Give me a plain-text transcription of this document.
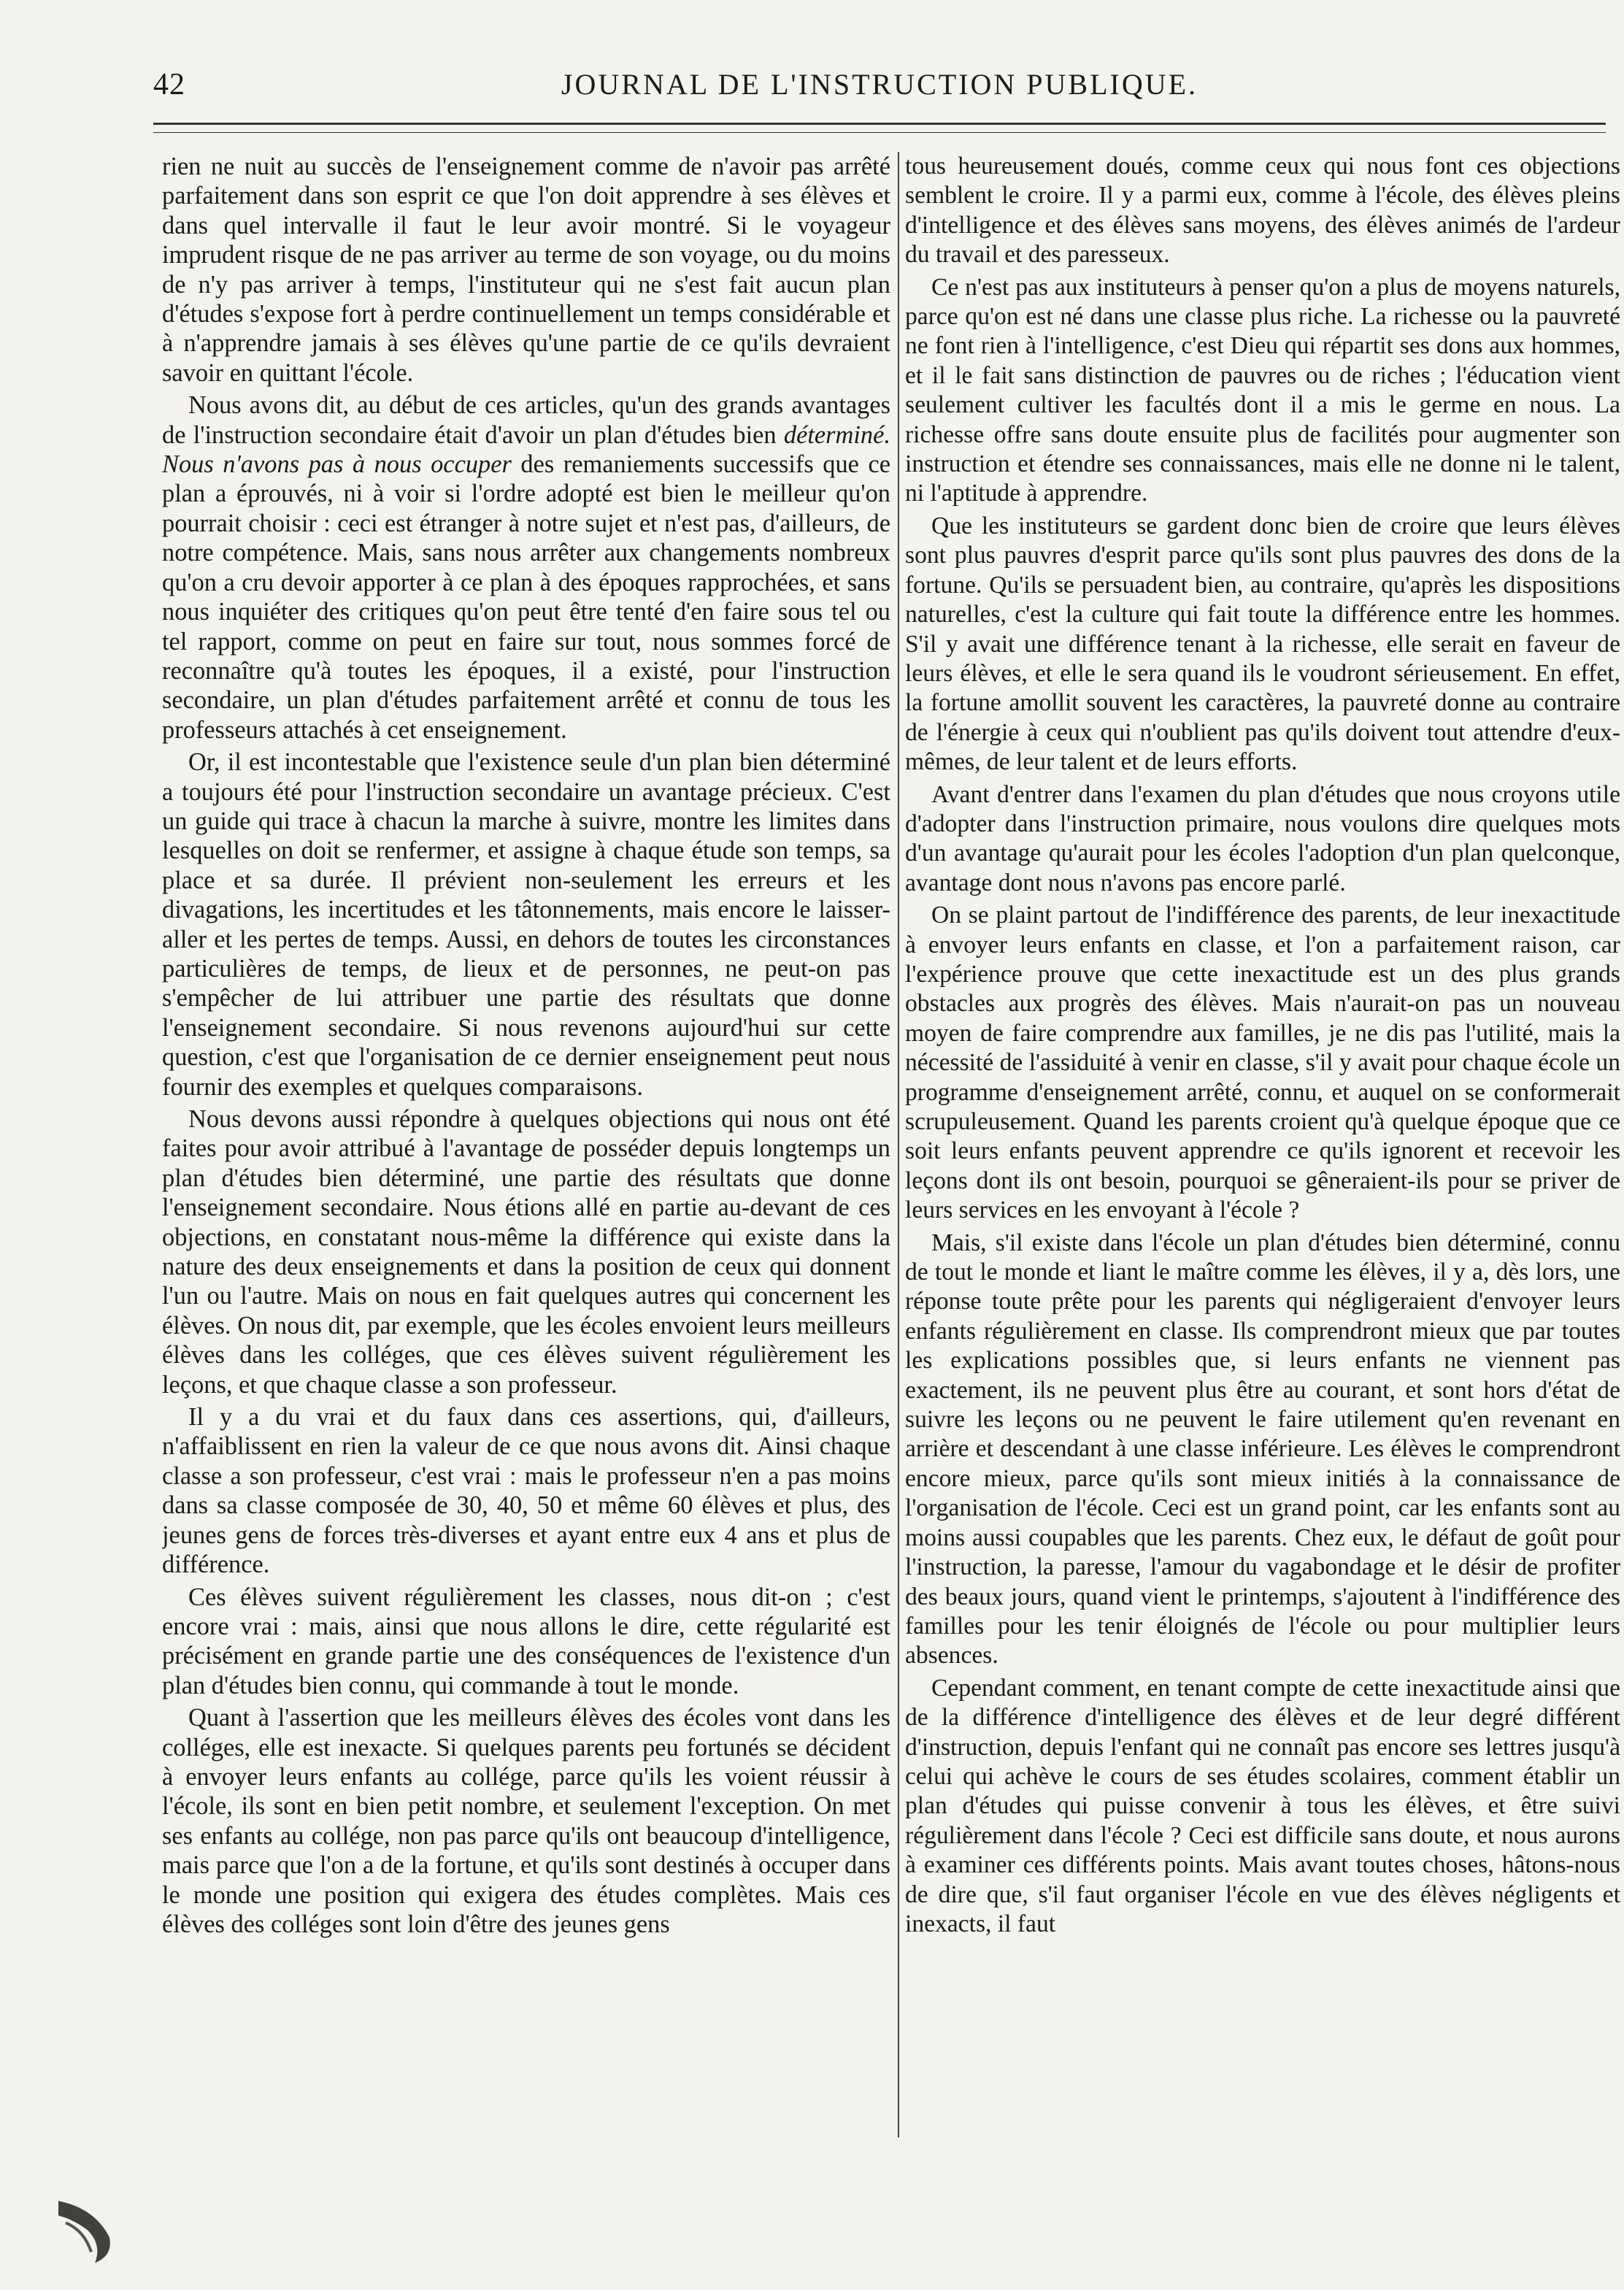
42	JOURNAL DE L'INSTRUCTION PUBLIQUE.

rien ne nuit au succès de l'enseignement comme de n'avoir pas arrêté parfaitement dans son esprit ce que l'on doit apprendre à ses élèves et dans quel intervalle il faut le leur avoir montré. Si le voyageur imprudent risque de ne pas arriver au terme de son voyage, ou du moins de n'y pas arriver à temps, l'instituteur qui ne s'est fait aucun plan d'études s'expose fort à perdre continuellement un temps considérable et à n'apprendre jamais à ses élèves qu'une partie de ce qu'ils devraient savoir en quittant l'école.

Nous avons dit, au début de ces articles, qu'un des grands avantages de l'instruction secondaire était d'avoir un plan d'études bien déterminé. Nous n'avons pas à nous occuper des remaniements successifs que ce plan a éprouvés, ni à voir si l'ordre adopté est bien le meilleur qu'on pourrait choisir : ceci est étranger à notre sujet et n'est pas, d'ailleurs, de notre compétence. Mais, sans nous arrêter aux changements nombreux qu'on a cru devoir apporter à ce plan à des époques rapprochées, et sans nous inquiéter des critiques qu'on peut être tenté d'en faire sous tel ou tel rapport, comme on peut en faire sur tout, nous sommes forcé de reconnaître qu'à toutes les époques, il a existé, pour l'instruction secondaire, un plan d'études parfaitement arrêté et connu de tous les professeurs attachés à cet enseignement.

Or, il est incontestable que l'existence seule d'un plan bien déterminé a toujours été pour l'instruction secondaire un avantage précieux. C'est un guide qui trace à chacun la marche à suivre, montre les limites dans lesquelles on doit se renfermer, et assigne à chaque étude son temps, sa place et sa durée. Il prévient non-seulement les erreurs et les divagations, les incertitudes et les tâtonnements, mais encore le laisser-aller et les pertes de temps. Aussi, en dehors de toutes les circonstances particulières de temps, de lieux et de personnes, ne peut-on pas s'empêcher de lui attribuer une partie des résultats que donne l'enseignement secondaire. Si nous revenons aujourd'hui sur cette question, c'est que l'organisation de ce dernier enseignement peut nous fournir des exemples et quelques comparaisons.

Nous devons aussi répondre à quelques objections qui nous ont été faites pour avoir attribué à l'avantage de posséder depuis longtemps un plan d'études bien déterminé, une partie des résultats que donne l'enseignement secondaire. Nous étions allé en partie au-devant de ces objections, en constatant nous-même la différence qui existe dans la nature des deux enseignements et dans la position de ceux qui donnent l'un ou l'autre. Mais on nous en fait quelques autres qui concernent les élèves. On nous dit, par exemple, que les écoles envoient leurs meilleurs élèves dans les colléges, que ces élèves suivent régulièrement les leçons, et que chaque classe a son professeur.

Il y a du vrai et du faux dans ces assertions, qui, d'ailleurs, n'affaiblissent en rien la valeur de ce que nous avons dit. Ainsi chaque classe a son professeur, c'est vrai : mais le professeur n'en a pas moins dans sa classe composée de 30, 40, 50 et même 60 élèves et plus, des jeunes gens de forces très-diverses et ayant entre eux 4 ans et plus de différence.

Ces élèves suivent régulièrement les classes, nous dit-on ; c'est encore vrai : mais, ainsi que nous allons le dire, cette régularité est précisément en grande partie une des conséquences de l'existence d'un plan d'études bien connu, qui commande à tout le monde.

Quant à l'assertion que les meilleurs élèves des écoles vont dans les colléges, elle est inexacte. Si quelques parents peu fortunés se décident à envoyer leurs enfants au collége, parce qu'ils les voient réussir à l'école, ils sont en bien petit nombre, et seulement l'exception. On met ses enfants au collége, non pas parce qu'ils ont beaucoup d'intelligence, mais parce que l'on a de la fortune, et qu'ils sont destinés à occuper dans le monde une position qui exigera des études complètes. Mais ces élèves des colléges sont loin d'être des jeunes gens

tous heureusement doués, comme ceux qui nous font ces objections semblent le croire. Il y a parmi eux, comme à l'école, des élèves pleins d'intelligence et des élèves sans moyens, des élèves animés de l'ardeur du travail et des paresseux.

Ce n'est pas aux instituteurs à penser qu'on a plus de moyens naturels, parce qu'on est né dans une classe plus riche. La richesse ou la pauvreté ne font rien à l'intelligence, c'est Dieu qui répartit ses dons aux hommes, et il le fait sans distinction de pauvres ou de riches ; l'éducation vient seulement cultiver les facultés dont il a mis le germe en nous. La richesse offre sans doute ensuite plus de facilités pour augmenter son instruction et étendre ses connaissances, mais elle ne donne ni le talent, ni l'aptitude à apprendre.

Que les instituteurs se gardent donc bien de croire que leurs élèves sont plus pauvres d'esprit parce qu'ils sont plus pauvres des dons de la fortune. Qu'ils se persuadent bien, au contraire, qu'après les dispositions naturelles, c'est la culture qui fait toute la différence entre les hommes. S'il y avait une différence tenant à la richesse, elle serait en faveur de leurs élèves, et elle le sera quand ils le voudront sérieusement. En effet, la fortune amollit souvent les caractères, la pauvreté donne au contraire de l'énergie à ceux qui n'oublient pas qu'ils doivent tout attendre d'eux-mêmes, de leur talent et de leurs efforts.

Avant d'entrer dans l'examen du plan d'études que nous croyons utile d'adopter dans l'instruction primaire, nous voulons dire quelques mots d'un avantage qu'aurait pour les écoles l'adoption d'un plan quelconque, avantage dont nous n'avons pas encore parlé.

On se plaint partout de l'indifférence des parents, de leur inexactitude à envoyer leurs enfants en classe, et l'on a parfaitement raison, car l'expérience prouve que cette inexactitude est un des plus grands obstacles aux progrès des élèves. Mais n'aurait-on pas un nouveau moyen de faire comprendre aux familles, je ne dis pas l'utilité, mais la nécessité de l'assiduité à venir en classe, s'il y avait pour chaque école un programme d'enseignement arrêté, connu, et auquel on se conformerait scrupuleusement. Quand les parents croient qu'à quelque époque que ce soit leurs enfants peuvent apprendre ce qu'ils ignorent et recevoir les leçons dont ils ont besoin, pourquoi se gêneraient-ils pour se priver de leurs services en les envoyant à l'école ?

Mais, s'il existe dans l'école un plan d'études bien déterminé, connu de tout le monde et liant le maître comme les élèves, il y a, dès lors, une réponse toute prête pour les parents qui négligeraient d'envoyer leurs enfants régulièrement en classe. Ils comprendront mieux que par toutes les explications possibles que, si leurs enfants ne viennent pas exactement, ils ne peuvent plus être au courant, et sont hors d'état de suivre les leçons ou ne peuvent le faire utilement qu'en revenant en arrière et descendant à une classe inférieure. Les élèves le comprendront encore mieux, parce qu'ils sont mieux initiés à la connaissance de l'organisation de l'école. Ceci est un grand point, car les enfants sont au moins aussi coupables que les parents. Chez eux, le défaut de goût pour l'instruction, la paresse, l'amour du vagabondage et le désir de profiter des beaux jours, quand vient le printemps, s'ajoutent à l'indifférence des familles pour les tenir éloignés de l'école ou pour multiplier leurs absences.

Cependant comment, en tenant compte de cette inexactitude ainsi que de la différence d'intelligence des élèves et de leur degré différent d'instruction, depuis l'enfant qui ne connaît pas encore ses lettres jusqu'à celui qui achève le cours de ses études scolaires, comment établir un plan d'études qui puisse convenir à tous les élèves, et être suivi régulièrement dans l'école ? Ceci est difficile sans doute, et nous aurons à examiner ces différents points. Mais avant toutes choses, hâtons-nous de dire que, s'il faut organiser l'école en vue des élèves négligents et inexacts, il faut
